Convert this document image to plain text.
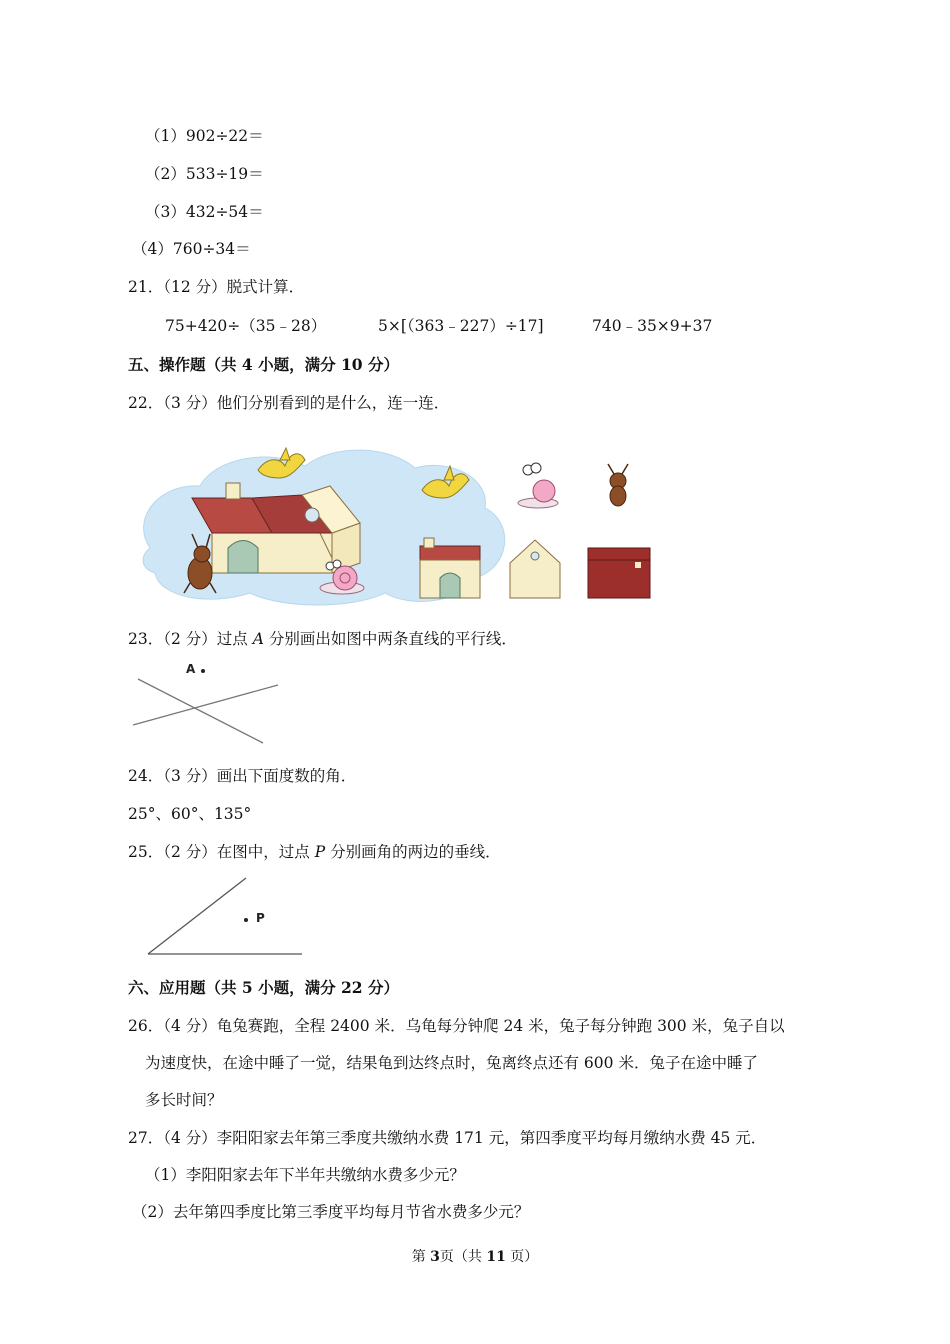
（1）902÷22＝
（2）533÷19＝
（3）432÷54＝
（4）760÷34＝
21．（12 分）脱式计算．
75+420÷（35﹣28）	5×[（363﹣227）÷17]	740﹣35×9+37
五、操作题（共 4 小题，满分 10 分）
22．（3 分）他们分别看到的是什么，连一连．
23．（2 分）过点 A 分别画出如图中两条直线的平行线．
A
24．（3 分）画出下面度数的角．
25°、60°、135°
25．（2 分）在图中，过点 P 分别画角的两边的垂线．
P
六、应用题（共 5 小题，满分 22 分）
26．（4 分）龟兔赛跑，全程 2400 米．乌龟每分钟爬 24 米，兔子每分钟跑 300 米，兔子自以
为速度快，在途中睡了一觉，结果龟到达终点时，兔离终点还有 600 米．兔子在途中睡了
多长时间？
27．（4 分）李阳阳家去年第三季度共缴纳水费 171 元，第四季度平均每月缴纳水费 45 元．
（1）李阳阳家去年下半年共缴纳水费多少元？
（2）去年第四季度比第三季度平均每月节省水费多少元？
第 3页（共 11 页）
